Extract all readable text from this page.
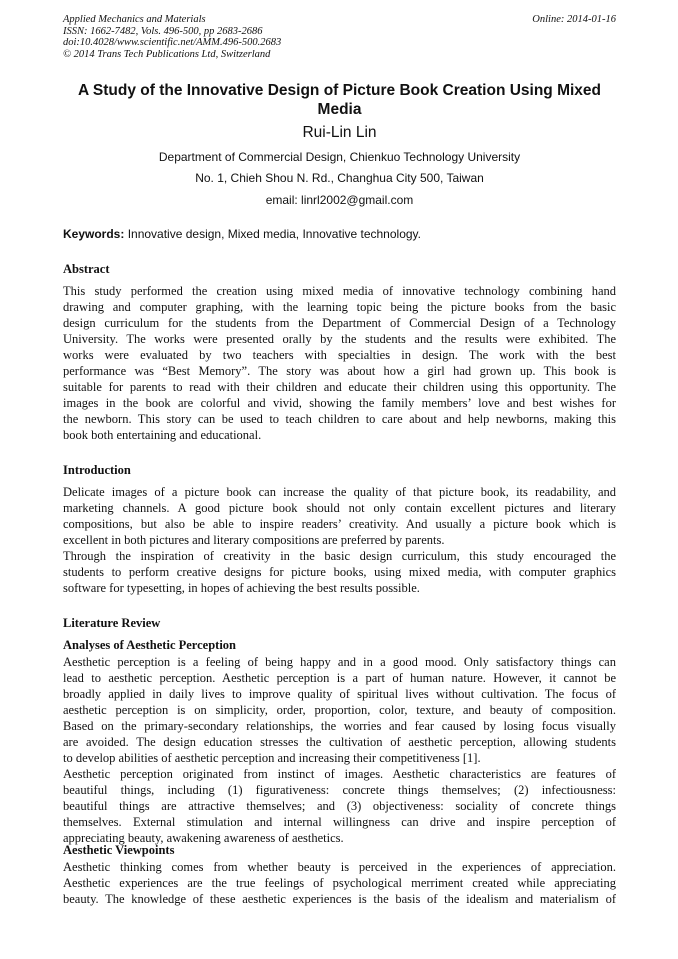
Applied Mechanics and Materials
ISSN: 1662-7482, Vols. 496-500, pp 2683-2686
doi:10.4028/www.scientific.net/AMM.496-500.2683
© 2014 Trans Tech Publications Ltd, Switzerland
Online: 2014-01-16
A Study of the Innovative Design of Picture Book Creation Using Mixed
Media
Rui-Lin Lin
Department of Commercial Design, Chienkuo Technology University
No. 1, Chieh Shou N. Rd., Changhua City 500, Taiwan
email: linrl2002@gmail.com
Keywords: Innovative design, Mixed media, Innovative technology.
Abstract
This study performed the creation using mixed media of innovative technology combining hand
drawing and computer graphing, with the learning topic being the picture books from the basic
design curriculum for the students from the Department of Commercial Design of a Technology
University. The works were presented orally by the students and the results were exhibited. The
works were evaluated by two teachers with specialties in design. The work with the best
performance was “Best Memory”. The story was about how a girl had grown up. This book is
suitable for parents to read with their children and educate their children using this opportunity. The
images in the book are colorful and vivid, showing the family members’ love and best wishes for
the newborn. This story can be used to teach children to care about and help newborns, making this
book both entertaining and educational.
Introduction
Delicate images of a picture book can increase the quality of that picture book, its readability, and
marketing channels. A good picture book should not only contain excellent pictures and literary
compositions, but also be able to inspire readers’ creativity. And usually a picture book which is
excellent in both pictures and literary compositions are preferred by parents.
Through the inspiration of creativity in the basic design curriculum, this study encouraged the
students to perform creative designs for picture books, using mixed media, with computer graphics
software for typesetting, in hopes of achieving the best results possible.
Literature Review
Analyses of Aesthetic Perception
Aesthetic perception is a feeling of being happy and in a good mood. Only satisfactory things can
lead to aesthetic perception. Aesthetic perception is a part of human nature. However, it cannot be
broadly applied in daily lives to improve quality of spiritual lives without cultivation. The focus of
aesthetic perception is on simplicity, order, proportion, color, texture, and beauty of composition.
Based on the primary-secondary relationships, the worries and fear caused by losing focus visually
are avoided. The design education stresses the cultivation of aesthetic perception, allowing students
to develop abilities of aesthetic perception and increasing their competitiveness [1].
Aesthetic perception originated from instinct of images. Aesthetic characteristics are features of
beautiful things, including (1) figurativeness: concrete things themselves; (2) infectiousness:
beautiful things are attractive themselves; and (3) objectiveness: sociality of concrete things
themselves. External stimulation and internal willingness can drive and inspire perception of
appreciating beauty, awakening awareness of aesthetics.
Aesthetic Viewpoints
Aesthetic thinking comes from whether beauty is perceived in the experiences of appreciation.
Aesthetic experiences are the true feelings of psychological merriment created while appreciating
beauty. The knowledge of these aesthetic experiences is the basis of the idealism and materialism of
